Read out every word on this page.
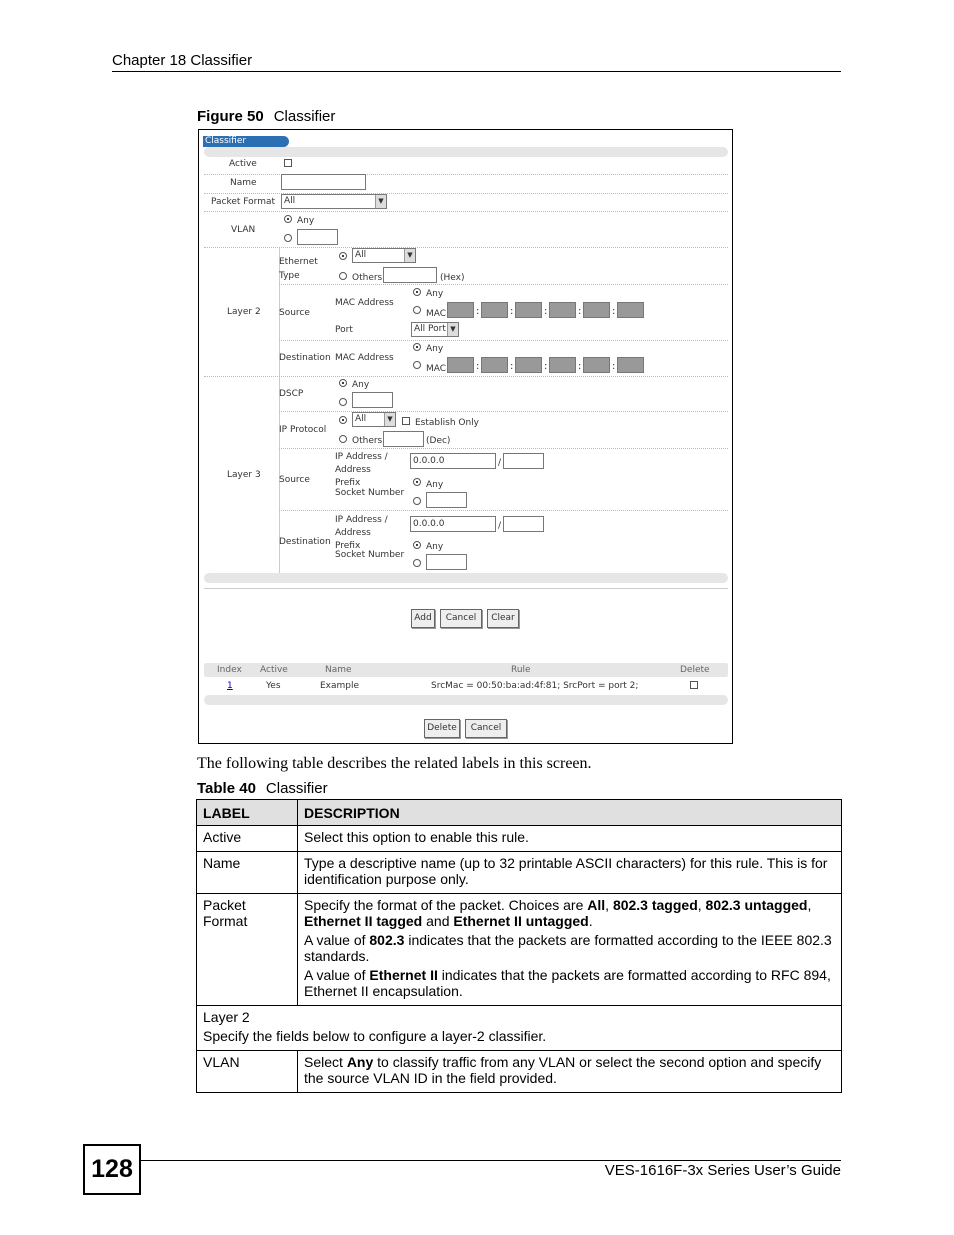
Chapter 18 Classifier
Figure 50 Classifier
Classifier
Active
Name
Packet Format All	▼
VLAN
Any
Layer 2
Ethernet Type
All	▼
Others	(Hex)
Source
MAC Address
Any
MAC	:	:	:	:	:
Port	All Port ▼
Destination MAC Address
Any
MAC	:	:	:	:	:
Layer 3
DSCP
Any
IP Protocol
All	▼ Establish Only
Others	(Dec)
Source
IP Address / Address Prefix
0.0.0.0	/
Socket Number
Any
Destination
IP Address / Address Prefix
0.0.0.0	/
Socket Number
Any
Add	Cancel	Clear
Index Active	Name	Rule	Delete
1	Yes	Example	SrcMac = 00:50:ba:ad:4f:81; SrcPort = port 2;
Delete	Cancel
The following table describes the related labels in this screen.
Table 40 Classifier
LABEL	DESCRIPTION
Active	Select this option to enable this rule.
Name	Type a descriptive name (up to 32 printable ASCII characters) for this rule. This is for identification purpose only.
Packet Format	Specify the format of the packet. Choices are All, 802.3 tagged, 802.3 untagged, Ethernet II tagged and Ethernet II untagged.

A value of 802.3 indicates that the packets are formatted according to the IEEE 802.3 standards.

A value of Ethernet II indicates that the packets are formatted according to RFC 894, Ethernet II encapsulation.

Layer 2

Specify the fields below to configure a layer-2 classifier.	

VLAN	Select Any to classify traffic from any VLAN or select the second option and specify the source VLAN ID in the field provided.
128	VES-1616F-3x Series User’s Guide
